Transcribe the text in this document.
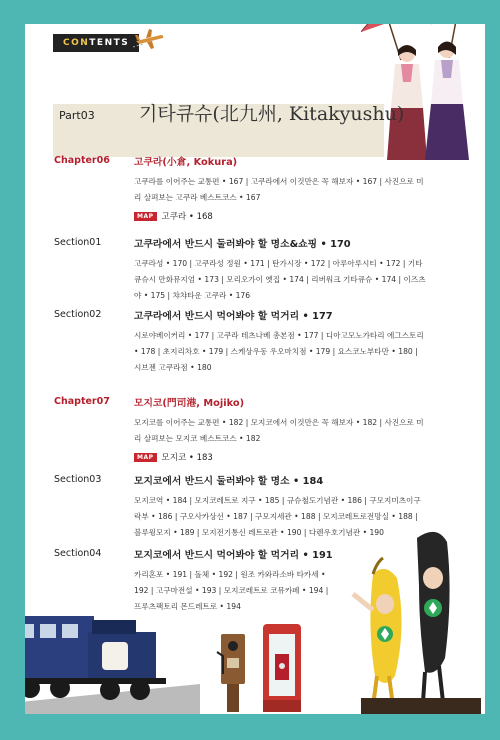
CONTENTS
Part03 기타큐슈(北九州, Kitakyushu)
Chapter06 고쿠라(小倉, Kokura)
고쿠라를 이어주는 교통편 • 167 | 고쿠라에서 이것만은 꼭 해보자 • 167 | 사진으로 미리 살펴보는 고쿠라 베스트코스 • 167
MAP 고쿠라 • 168
Section01	고쿠라에서 반드시 둘러봐야 할 명소&쇼핑 • 170
고쿠라성 • 170 | 고쿠라성 정원 • 171 | 탄가시장 • 172 | 아루아루시티 • 172 | 기타큐슈시 만화뮤지엄 • 173 | 모리오가이 옛집 • 174 | 리버워크 기타큐슈 • 174 | 이즈츠야 • 175 | 챠챠타운 고쿠라 • 176
Section02	고쿠라에서 반드시 먹어봐야 할 먹거리 • 177
시로야베이커리 • 177 | 고쿠라 테츠나베 총본점 • 177 | 디아고모노가타리 에그스토리 • 178 | 초지리차호 • 179 | 스케상우동 우오마치점 • 179 | 요스코노부타만 • 180 | 시브젠 고쿠라점 • 180
Chapter07 모지코(門司港, Mojiko)
모지코를 이어주는 교통편 • 182 | 모지코에서 이것만은 꼭 해보자 • 182 | 사진으로 미리 살펴보는 모지코 베스트코스 • 182
MAP 모지코 • 183
Section03	모지코에서 반드시 둘러봐야 할 명소 • 184
모지코역 • 184 | 모지코레트로 지구 • 185 | 규슈철도기념관 • 186 | 구모지미츠이구락부 • 186 | 구오사카상선 • 187 | 구모지세관 • 188 | 모지코레트로전망실 • 188 | 블루윙모지 • 189 | 모지전기통신 레트로관 • 190 | 다렌우호기념관 • 190
Section04	모지코에서 반드시 먹어봐야 할 먹거리 • 191
카리혼포 • 191 | 돌체 • 192 | 원조 카와라소바 타카세 • 192 | 고구마전설 • 193 | 모지코레트로 코뮤카페 • 194 | 프루츠팩토리 몬드레트로 • 194
